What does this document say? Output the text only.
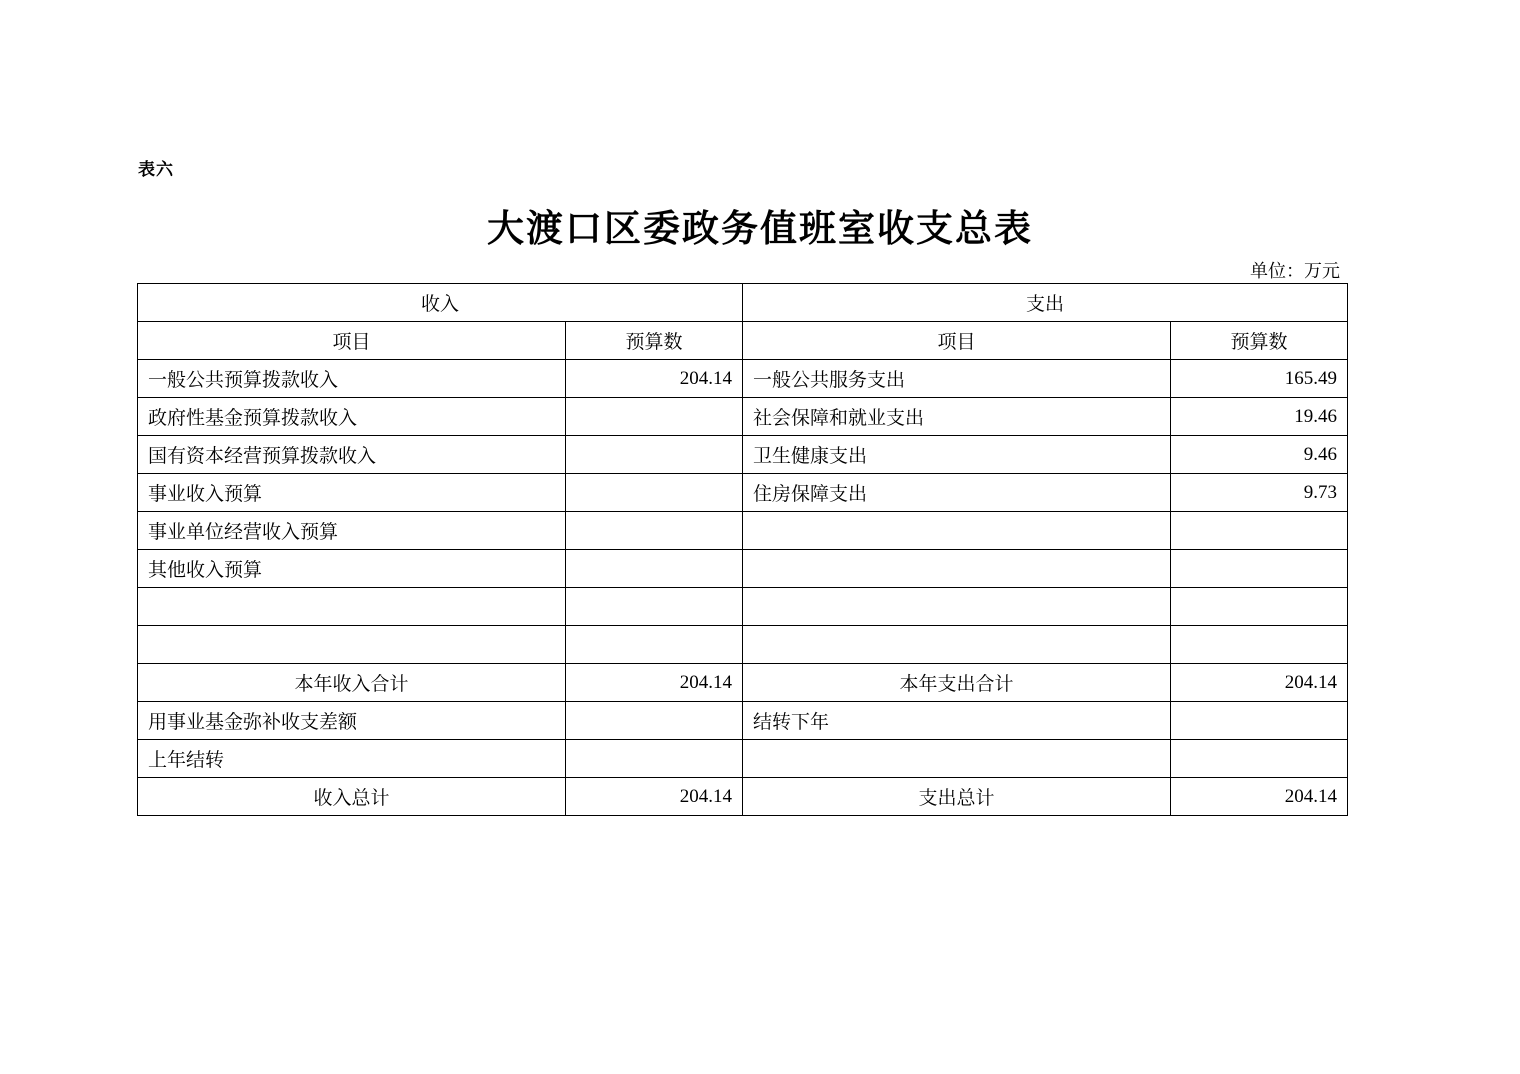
表六
大渡口区委政务值班室收支总表
单位：万元
收入		支出	
项目	预算数	项目	预算数
一般公共预算拨款收入	204.14	一般公共服务支出	165.49
政府性基金预算拨款收入		社会保障和就业支出	19.46
国有资本经营预算拨款收入		卫生健康支出	9.46
事业收入预算		住房保障支出	9.73
事业单位经营收入预算			
其他收入预算			

本年收入合计	204.14	本年支出合计	204.14
用事业基金弥补收支差额		结转下年	
上年结转			
收入总计	204.14	支出总计	204.14
